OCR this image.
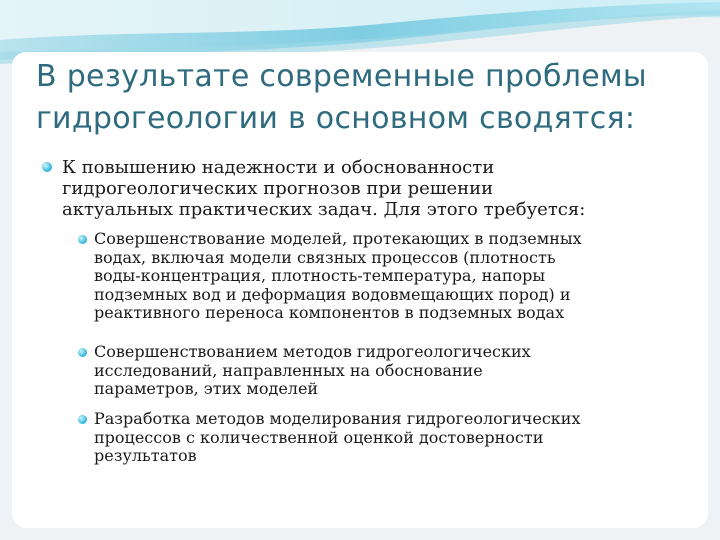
В результате современные проблемы
гидрогеологии в основном сводятся:
К повышению надежности и обоснованности
гидрогеологических прогнозов при решении
актуальных практических задач. Для этого требуется:
Совершенствование моделей, протекающих в подземных
водах, включая модели связных процессов (плотность
воды-концентрация, плотность-температура, напоры
подземных вод и деформация водовмещающих пород) и
реактивного переноса компонентов в подземных водах
Совершенствованием методов гидрогеологических
исследований, направленных на обоснование
параметров, этих моделей
Разработка методов моделирования гидрогеологических
процессов с количественной оценкой достоверности
результатов
